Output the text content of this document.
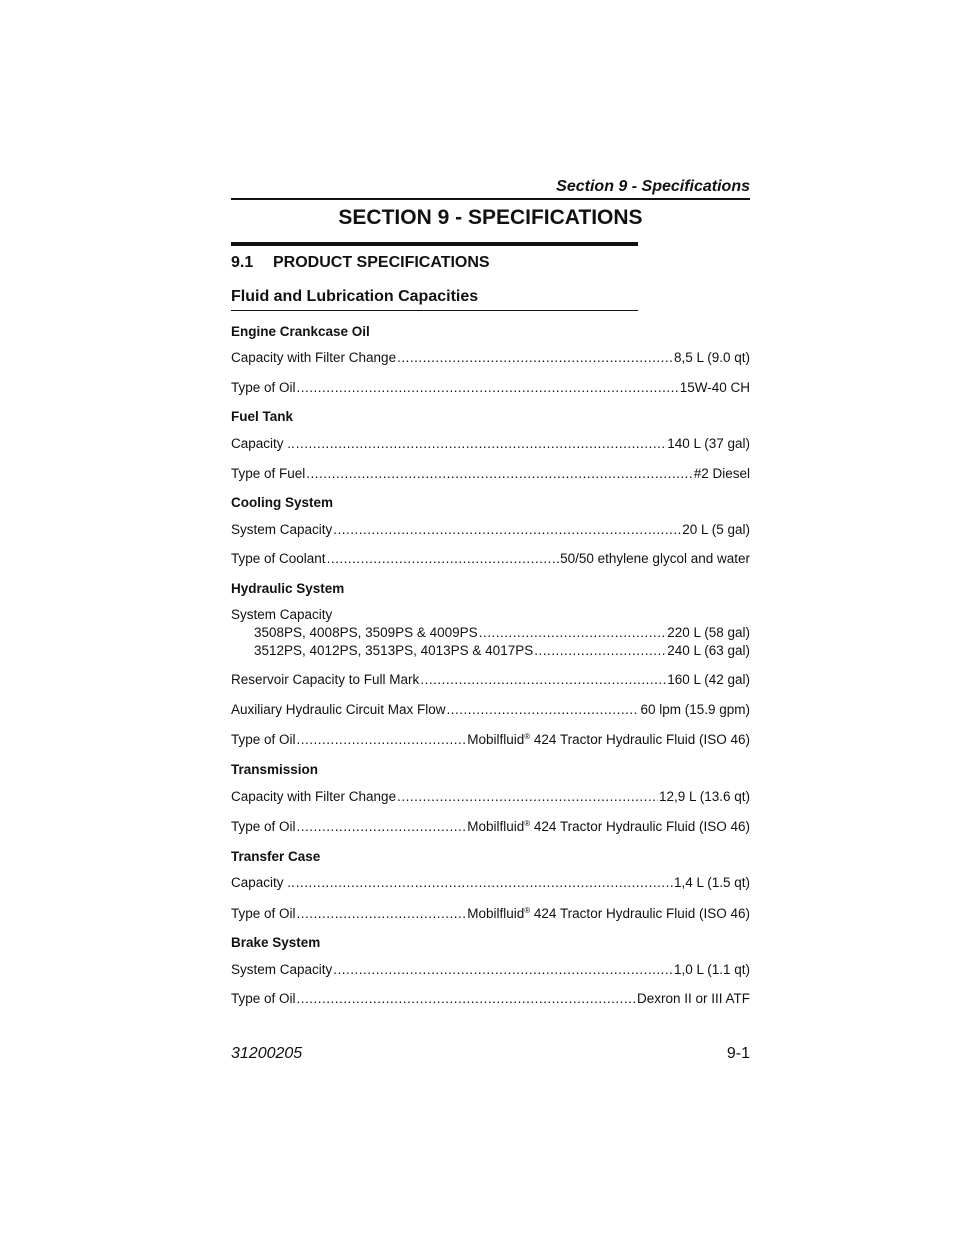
Section 9 - Specifications
SECTION 9 - SPECIFICATIONS
9.1 PRODUCT SPECIFICATIONS
Fluid and Lubrication Capacities
Engine Crankcase Oil
Capacity with Filter Change .....	8,5 L (9.0 qt)
Type of Oil .....	15W-40 CH
Fuel Tank
Capacity .. .....	140 L (37 gal)
Type of Fuel .....	#2 Diesel
Cooling System
System Capacity .....	20 L (5 gal)
Type of Coolant .....	50/50 ethylene glycol and water
Hydraulic System
System Capacity
3508PS, 4008PS, 3509PS & 4009PS .....	220 L (58 gal)
3512PS, 4012PS, 3513PS, 4013PS & 4017PS .....	240 L (63 gal)
Reservoir Capacity to Full Mark .....	160 L (42 gal)
Auxiliary Hydraulic Circuit Max Flow .....	60 lpm (15.9 gpm)
Type of Oil .....	Mobilfluid® 424 Tractor Hydraulic Fluid (ISO 46)
Transmission
Capacity with Filter Change .....	12,9 L (13.6 qt)
Type of Oil .....	Mobilfluid® 424 Tractor Hydraulic Fluid (ISO 46)
Transfer Case
Capacity .. .....	1,4 L (1.5 qt)
Type of Oil .....	Mobilfluid® 424 Tractor Hydraulic Fluid (ISO 46)
Brake System
System Capacity .....	1,0 L (1.1 qt)
Type of Oil .....	Dexron II or III ATF
31200205	9-1
